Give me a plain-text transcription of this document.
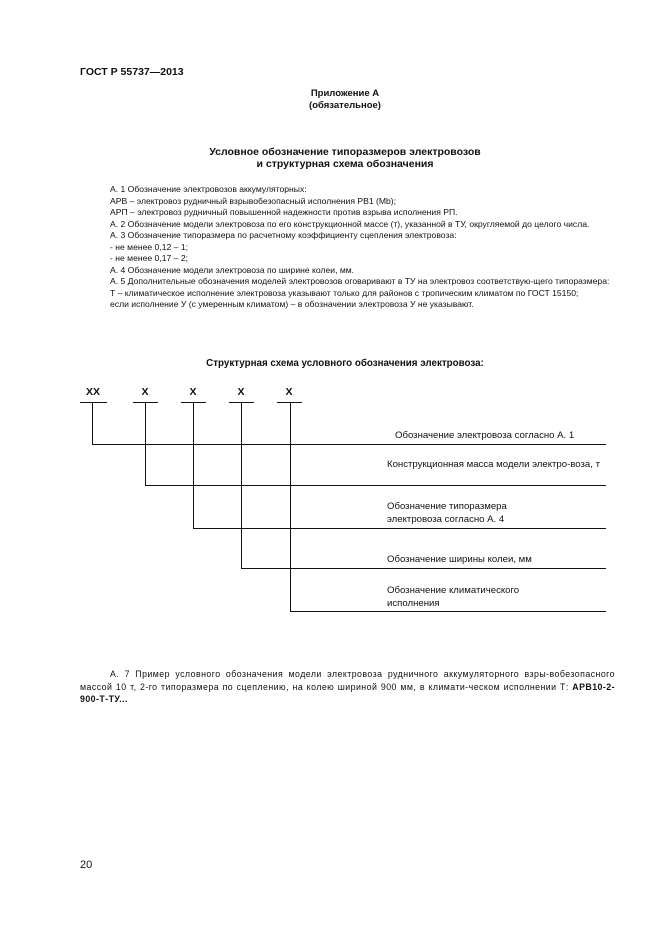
ГОСТ Р 55737—2013
Приложение А
(обязательное)
Условное обозначение типоразмеров электровозов
и структурная схема обозначения

А. 1 Обозначение электровозов аккумуляторных:

АРВ – электровоз рудничный взрывобезопасный исполнения РВ1 (Mb);

АРП – электровоз рудничный повышенной надежности против взрыва исполнения РП.

А. 2 Обозначение модели электровоза по его конструкционной массе (т), указанной в ТУ, округляемой до целого числа.

А. 3 Обозначение типоразмера по расчетному коэффициенту сцепления электровоза:

- не менее 0,12 – 1;

- не менее 0,17 – 2;

А. 4 Обозначение модели электровоза по ширине колеи, мм.

А. 5 Дополнительные обозначения моделей электровозов оговаривают в ТУ на электровоз соответствую-щего типоразмера:

Т – климатическое исполнение электровоза указывают только для районов с тропическим климатом по ГОСТ 15150;

если исполнение У (с умеренным климатом) – в обозначении электровоза У не указывают.

Структурная схема условного обозначения электровоза:
ХХ	Х	Х	Х	Х
Обозначение электровоза согласно А. 1
Конструкционная масса модели электро-воза, т
Обозначение типоразмера
электровоза согласно А. 4
Обозначение ширины колеи, мм
Обозначение климатического
исполнения

А. 7 Пример условного обозначения модели электровоза рудничного аккумуляторного взры-вобезопасного массой 10 т, 2-го типоразмера по сцеплению, на колею шириной 900 мм, в климати-ческом исполнении Т: АРВ10-2-900-Т-ТУ...

20
